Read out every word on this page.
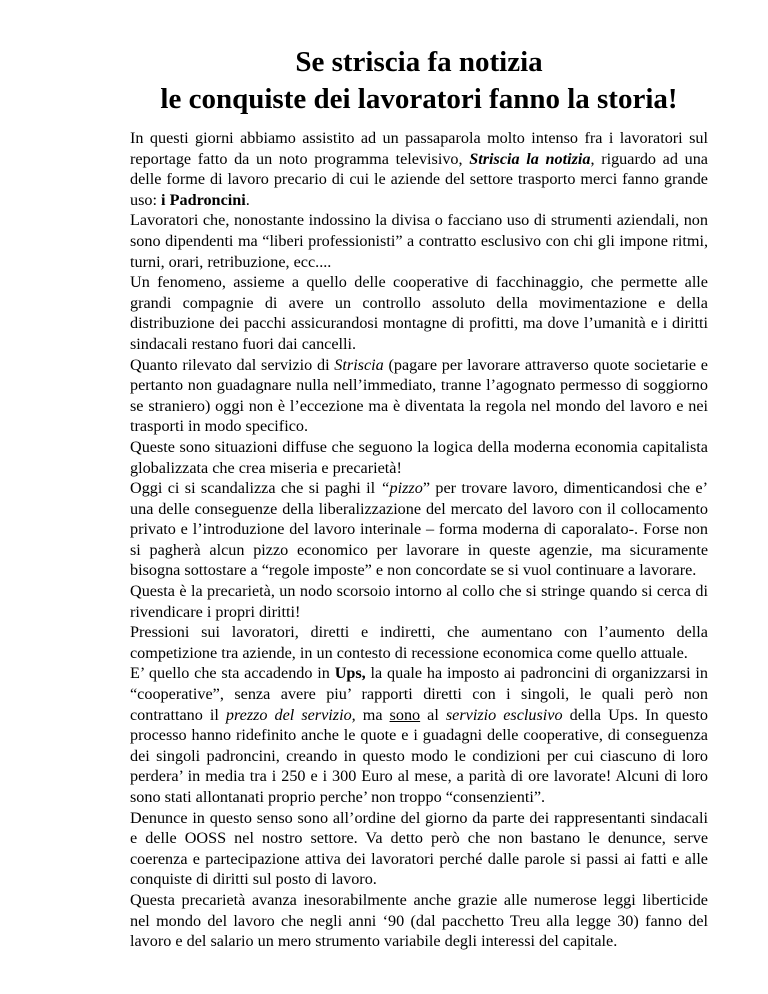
Se striscia fa notizia
le conquiste dei lavoratori fanno la storia!

In questi giorni abbiamo assistito ad un passaparola molto intenso fra i lavoratori sul reportage fatto da un noto programma televisivo, Striscia la notizia, riguardo ad una delle forme di lavoro precario di cui le aziende del settore trasporto merci fanno grande uso: i Padroncini.

Lavoratori che, nonostante indossino la divisa o facciano uso di strumenti aziendali, non sono dipendenti ma “liberi professionisti” a contratto esclusivo con chi gli impone ritmi, turni, orari, retribuzione, ecc....

Un fenomeno, assieme a quello delle cooperative di facchinaggio, che permette alle grandi compagnie di avere un controllo assoluto della movimentazione e della distribuzione dei pacchi assicurandosi montagne di profitti, ma dove l’umanità e i diritti sindacali restano fuori dai cancelli.

Quanto rilevato dal servizio di Striscia (pagare per lavorare attraverso quote societarie e pertanto non guadagnare nulla nell’immediato, tranne l’agognato permesso di soggiorno se straniero) oggi non è l’eccezione ma è diventata la regola nel mondo del lavoro e nei trasporti in modo specifico.

Queste sono situazioni diffuse che seguono la logica della moderna economia capitalista globalizzata che crea miseria e precarietà!

Oggi ci si scandalizza che si paghi il “pizzo” per trovare lavoro, dimenticandosi che e’ una delle conseguenze della liberalizzazione del mercato del lavoro con il collocamento privato e l’introduzione del lavoro interinale – forma moderna di caporalato-. Forse non si pagherà alcun pizzo economico per lavorare in queste agenzie, ma sicuramente bisogna sottostare a “regole imposte” e non concordate se si vuol continuare a lavorare.

Questa è la precarietà, un nodo scorsoio intorno al collo che si stringe quando si cerca di rivendicare i propri diritti!

Pressioni sui lavoratori, diretti e indiretti, che aumentano con l’aumento della competizione tra aziende, in un contesto di recessione economica come quello attuale.

E’ quello che sta accadendo in Ups, la quale ha imposto ai padroncini di organizzarsi in “cooperative”, senza avere piu’ rapporti diretti con i singoli, le quali però non contrattano il prezzo del servizio, ma sono al servizio esclusivo della Ups. In questo processo hanno ridefinito anche le quote e i guadagni delle cooperative, di conseguenza dei singoli padroncini, creando in questo modo le condizioni per cui ciascuno di loro perdera’ in media tra i 250 e i 300 Euro al mese, a parità di ore lavorate! Alcuni di loro sono stati allontanati proprio perche’ non troppo “consenzienti”.

Denunce in questo senso sono all’ordine del giorno da parte dei rappresentanti sindacali e delle OOSS nel nostro settore. Va detto però che non bastano le denunce, serve coerenza e partecipazione attiva dei lavoratori perché dalle parole si passi ai fatti e alle conquiste di diritti sul posto di lavoro.

Questa precarietà avanza inesorabilmente anche grazie alle numerose leggi liberticide nel mondo del lavoro che negli anni ‘90 (dal pacchetto Treu alla legge 30) fanno del lavoro e del salario un mero strumento variabile degli interessi del capitale.
